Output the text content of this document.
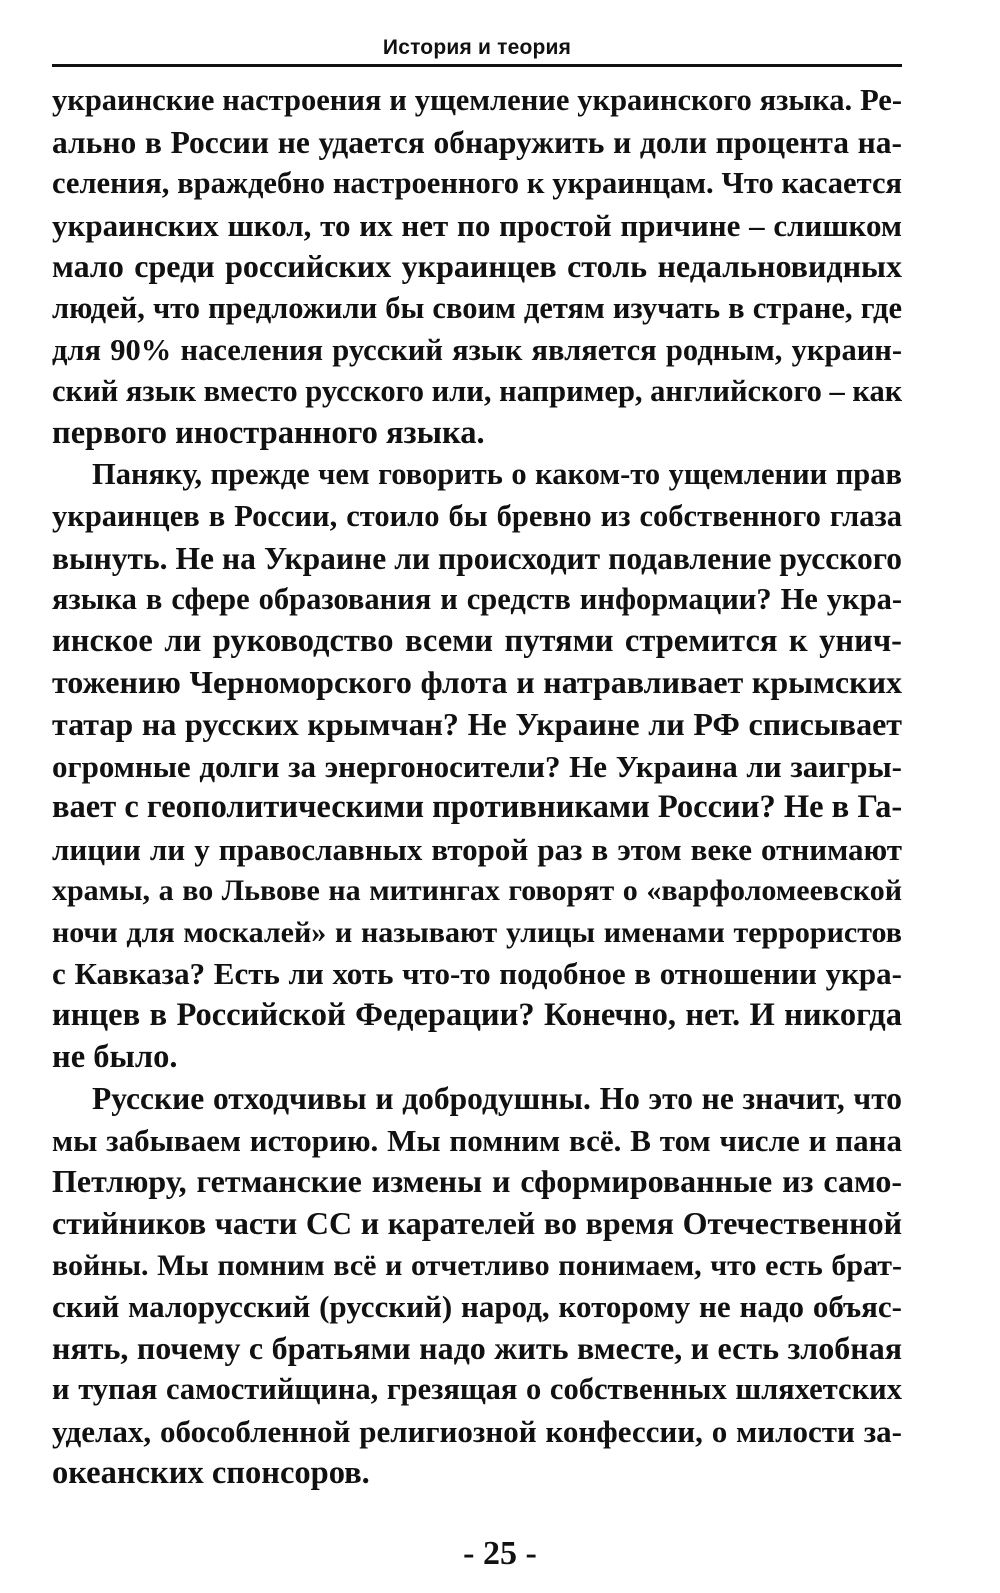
История и теория
украинские настроения и ущемление украинского языка. Ре-
ально в России не удается обнаружить и доли процента на-
селения, враждебно настроенного к украинцам. Что касается
украинских школ, то их нет по простой причине – слишком
мало среди российских украинцев столь недальновидных
людей, что предложили бы своим детям изучать в стране, где
для 90% населения русский язык является родным, украин-
ский язык вместо русского или, например, английского – как
первого иностранного языка.
Паняку, прежде чем говорить о каком-то ущемлении прав
украинцев в России, стоило бы бревно из собственного глаза
вынуть. Не на Украине ли происходит подавление русского
языка в сфере образования и средств информации? Не укра-
инское ли руководство всеми путями стремится к унич-
тожению Черноморского флота и натравливает крымских
татар на русских крымчан? Не Украине ли РФ списывает
огромные долги за энергоносители? Не Украина ли заигры-
вает с геополитическими противниками России? Не в Га-
лиции ли у православных второй раз в этом веке отнимают
храмы, а во Львове на митингах говорят о «варфоломеевской
ночи для москалей» и называют улицы именами террористов
с Кавказа? Есть ли хоть что-то подобное в отношении укра-
инцев в Российской Федерации? Конечно, нет. И никогда
не было.
Русские отходчивы и добродушны. Но это не значит, что
мы забываем историю. Мы помним всё. В том числе и пана
Петлюру, гетманские измены и сформированные из само-
стийников части СС и карателей во время Отечественной
войны. Мы помним всё и отчетливо понимаем, что есть брат-
ский малорусский (русский) народ, которому не надо объяс-
нять, почему с братьями надо жить вместе, и есть злобная
и тупая самостийщина, грезящая о собственных шляхетских
уделах, обособленной религиозной конфессии, о милости за-
океанских спонсоров.
- 25 -
